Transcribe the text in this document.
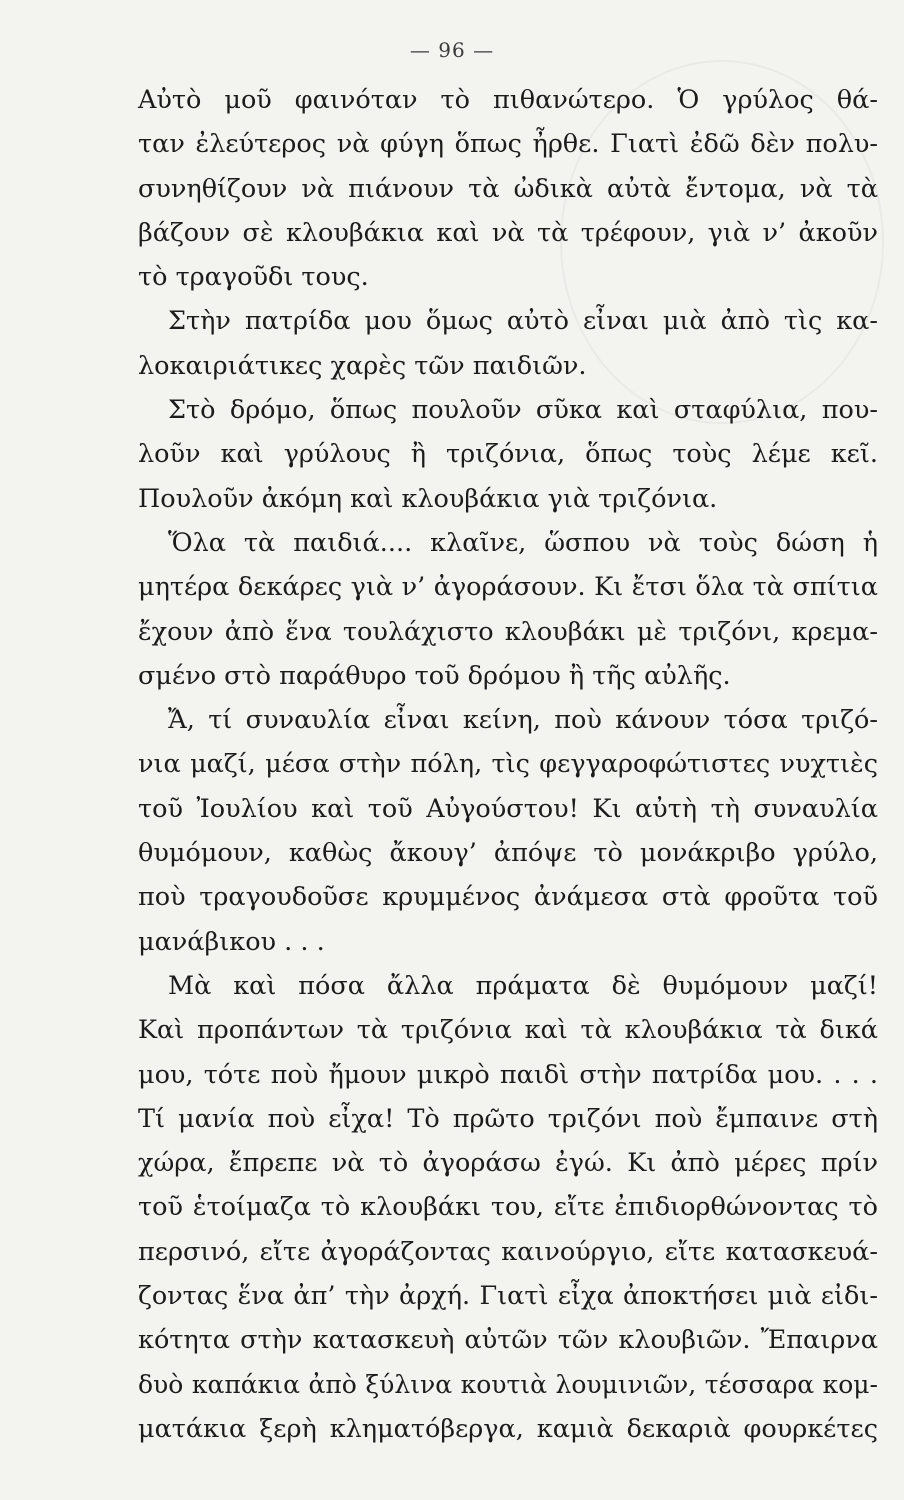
— 96 —
Αὐτὸ μοῦ φαινόταν τὸ πιθανώτερο. Ὁ γρύλος θά-
ταν ἐλεύτερος νὰ φύγη ὅπως ἦρθε. Γιατὶ ἐδῶ δὲν πολυ-
συνηθίζουν νὰ πιάνουν τὰ ὠδικὰ αὐτὰ ἔντομα, νὰ τὰ
βάζουν σὲ κλουβάκια καὶ νὰ τὰ τρέφουν, γιὰ ν’ ἀκοῦν
τὸ τραγοῦδι τους.
Στὴν πατρίδα μου ὅμως αὐτὸ εἶναι μιὰ ἀπὸ τὶς κα-
λοκαιριάτικες χαρὲς τῶν παιδιῶν.
Στὸ δρόμο, ὅπως πουλοῦν σῦκα καὶ σταφύλια, που-
λοῦν καὶ γρύλους ἢ τριζόνια, ὅπως τοὺς λέμε κεῖ.
Πουλοῦν ἀκόμη καὶ κλουβάκια γιὰ τριζόνια.
Ὅλα τὰ παιδιά.... κλαῖνε, ὥσπου νὰ τοὺς δώση ἡ
μητέρα δεκάρες γιὰ ν’ ἀγοράσουν. Κι ἔτσι ὅλα τὰ σπίτια
ἔχουν ἀπὸ ἕνα τουλάχιστο κλουβάκι μὲ τριζόνι, κρεμα-
σμένο στὸ παράθυρο τοῦ δρόμου ἢ τῆς αὐλῆς.
Ἄ, τί συναυλία εἶναι κείνη, ποὺ κάνουν τόσα τριζό-
νια μαζί, μέσα στὴν πόλη, τὶς φεγγαροφώτιστες νυχτιὲς
τοῦ Ἰουλίου καὶ τοῦ Αὐγούστου! Κι αὐτὴ τὴ συναυλία
θυμόμουν, καθὼς ἄκουγ’ ἀπόψε τὸ μονάκριβο γρύλο,
ποὺ τραγουδοῦσε κρυμμένος ἀνάμεσα στὰ φροῦτα τοῦ
μανάβικου . . .
Μὰ καὶ πόσα ἄλλα πράματα δὲ θυμόμουν μαζί!
Καὶ προπάντων τὰ τριζόνια καὶ τὰ κλουβάκια τὰ δικά
μου, τότε ποὺ ἤμουν μικρὸ παιδὶ στὴν πατρίδα μου. . . .
Τί μανία ποὺ εἶχα! Τὸ πρῶτο τριζόνι ποὺ ἔμπαινε στὴ
χώρα, ἔπρεπε νὰ τὸ ἀγοράσω ἐγώ. Κι ἀπὸ μέρες πρίν
τοῦ ἑτοίμαζα τὸ κλουβάκι του, εἴτε ἐπιδιορθώνοντας τὸ
περσινό, εἴτε ἀγοράζοντας καινούργιο, εἴτε κατασκευά-
ζοντας ἕνα ἀπ’ τὴν ἀρχή. Γιατὶ εἶχα ἀποκτήσει μιὰ εἰδι-
κότητα στὴν κατασκευὴ αὐτῶν τῶν κλουβιῶν. Ἔπαιρνα
δυὸ καπάκια ἀπὸ ξύλινα κουτιὰ λουμινιῶν, τέσσαρα κομ-
ματάκια ξερὴ κληματόβεργα, καμιὰ δεκαριὰ φουρκέτες
